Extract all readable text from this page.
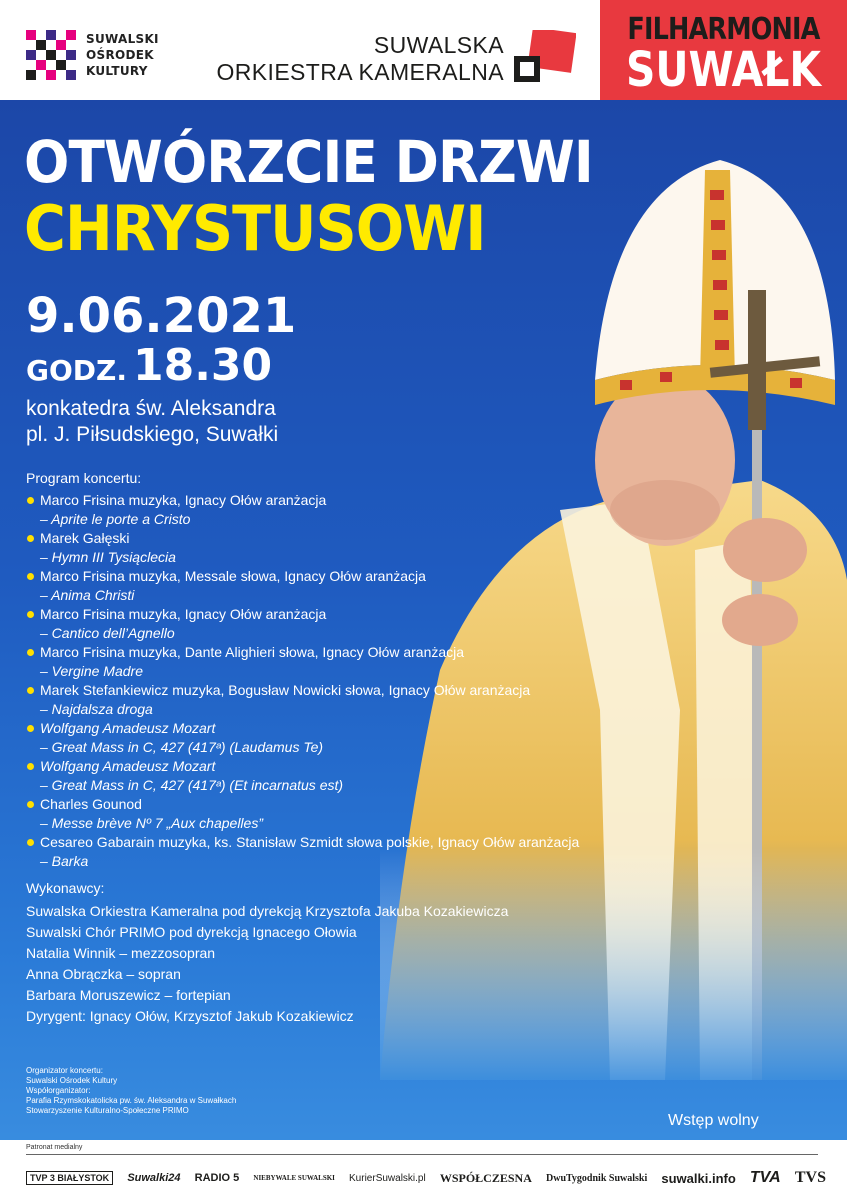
SUWALSKI
OŚRODEK
KULTURY
SUWALSKA
ORKIESTRA KAMERALNA
FILHARMONIA
SUWAŁK
OTWÓRZCIE DRZWI
CHRYSTUSOWI
9.06.2021
GODZ. 18.30
konkatedra św. Aleksandra
pl. J. Piłsudskiego, Suwałki
Program koncertu:
Marco Frisina muzyka, Ignacy Ołów aranżacja
– Aprite le porte a Cristo
Marek Gałęski
– Hymn III Tysiąclecia
Marco Frisina muzyka, Messale słowa, Ignacy Ołów aranżacja
– Anima Christi
Marco Frisina muzyka, Ignacy Ołów aranżacja
– Cantico dell’Agnello
Marco Frisina muzyka, Dante Alighieri słowa, Ignacy Ołów aranżacja
– Vergine Madre
Marek Stefankiewicz muzyka, Bogusław Nowicki słowa, Ignacy Ołów aranżacja
– Najdalsza droga
Wolfgang Amadeusz Mozart
– Great Mass in C, 427 (417ᵃ) (Laudamus Te)
Wolfgang Amadeusz Mozart
– Great Mass in C, 427 (417ᵃ) (Et incarnatus est)
Charles Gounod
– Messe brève Nº 7 „Aux chapelles”
Cesareo Gabarain muzyka, ks. Stanisław Szmidt słowa polskie, Ignacy Ołów aranżacja
– Barka
Wykonawcy:
Suwalska Orkiestra Kameralna pod dyrekcją Krzysztofa Jakuba Kozakiewicza
Suwalski Chór PRIMO pod dyrekcją Ignacego Ołowia
Natalia Winnik – mezzosopran
Anna Obrączka – sopran
Barbara Moruszewicz – fortepian
Dyrygent: Ignacy Ołów, Krzysztof Jakub Kozakiewicz
Organizator koncertu:
Suwalski Ośrodek Kultury
Współorganizator:
Parafia Rzymskokatolicka pw. św. Aleksandra w Suwałkach
Stowarzyszenie Kulturalno-Społeczne PRIMO
Wstęp wolny
Patronat medialny
TVP 3 BIAŁYSTOK	Suwalki24 RADIO 5 NIEBYWALE SUWALSKI KurierSuwalski.pl WSPÓŁCZESNA DwuTygodnik Suwalski suwalki.info TVA TVS
